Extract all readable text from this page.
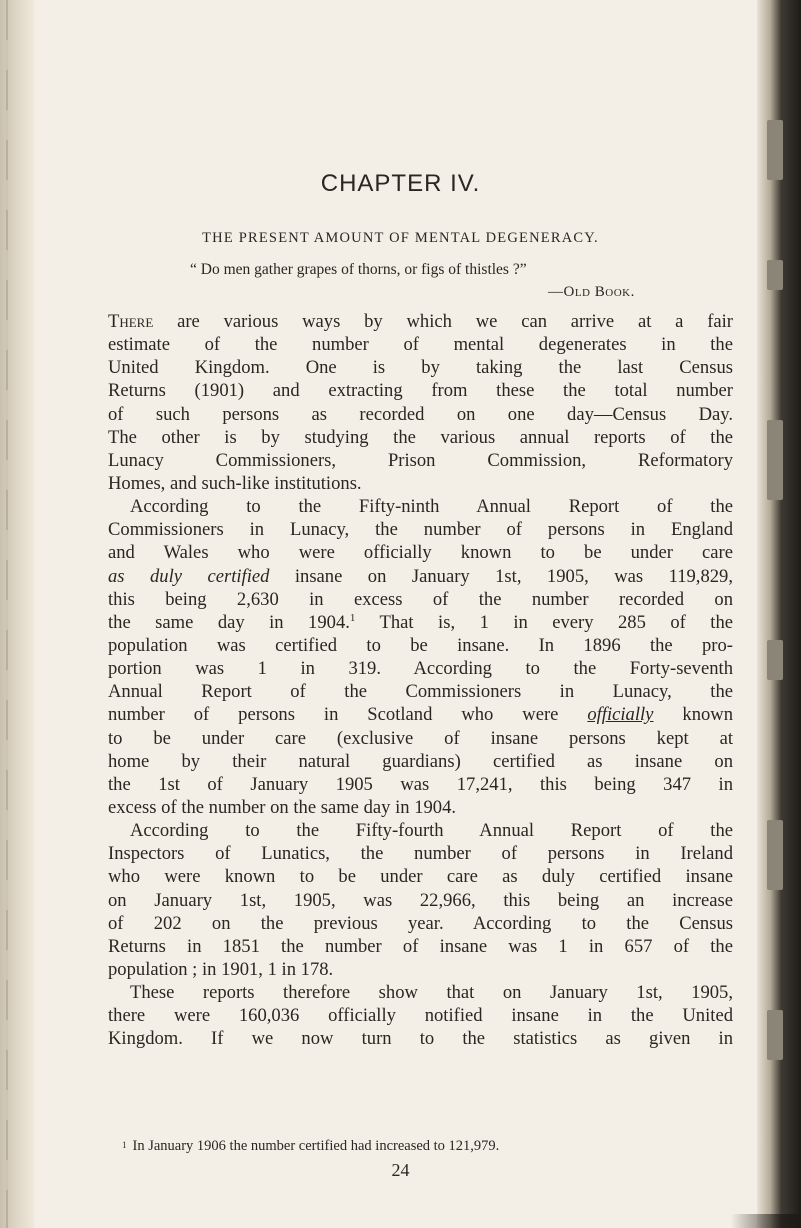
CHAPTER IV.
THE PRESENT AMOUNT OF MENTAL DEGENERACY.
“ Do men gather grapes of thorns, or figs of thistles ?”
—Old Book.
There are various ways by which we can arrive at a fair
estimate of the number of mental degenerates in the
United Kingdom. One is by taking the last Census
Returns (1901) and extracting from these the total number
of such persons as recorded on one day—Census Day.
The other is by studying the various annual reports of the
Lunacy Commissioners, Prison Commission, Reformatory
Homes, and such-like institutions.
According to the Fifty-ninth Annual Report of the
Commissioners in Lunacy, the number of persons in England
and Wales who were officially known to be under care
as duly certified insane on January 1st, 1905, was 119,829,
this being 2,630 in excess of the number recorded on
the same day in 1904.$^1$ That is, 1 in every 285 of the
population was certified to be insane. In 1896 the pro-
portion was 1 in 319. According to the Forty-seventh
Annual Report of the Commissioners in Lunacy, the
number of persons in Scotland who were officially known
to be under care (exclusive of insane persons kept at
home by their natural guardians) certified as insane on
the 1st of January 1905 was 17,241, this being 347 in
excess of the number on the same day in 1904.
According to the Fifty-fourth Annual Report of the
Inspectors of Lunatics, the number of persons in Ireland
who were known to be under care as duly certified insane
on January 1st, 1905, was 22,966, this being an increase
of 202 on the previous year. According to the Census
Returns in 1851 the number of insane was 1 in 657 of the
population ; in 1901, 1 in 178.
These reports therefore show that on January 1st, 1905,
there were 160,036 officially notified insane in the United
Kingdom. If we now turn to the statistics as given in
$^1$ In January 1906 the number certified had increased to 121,979.
24
